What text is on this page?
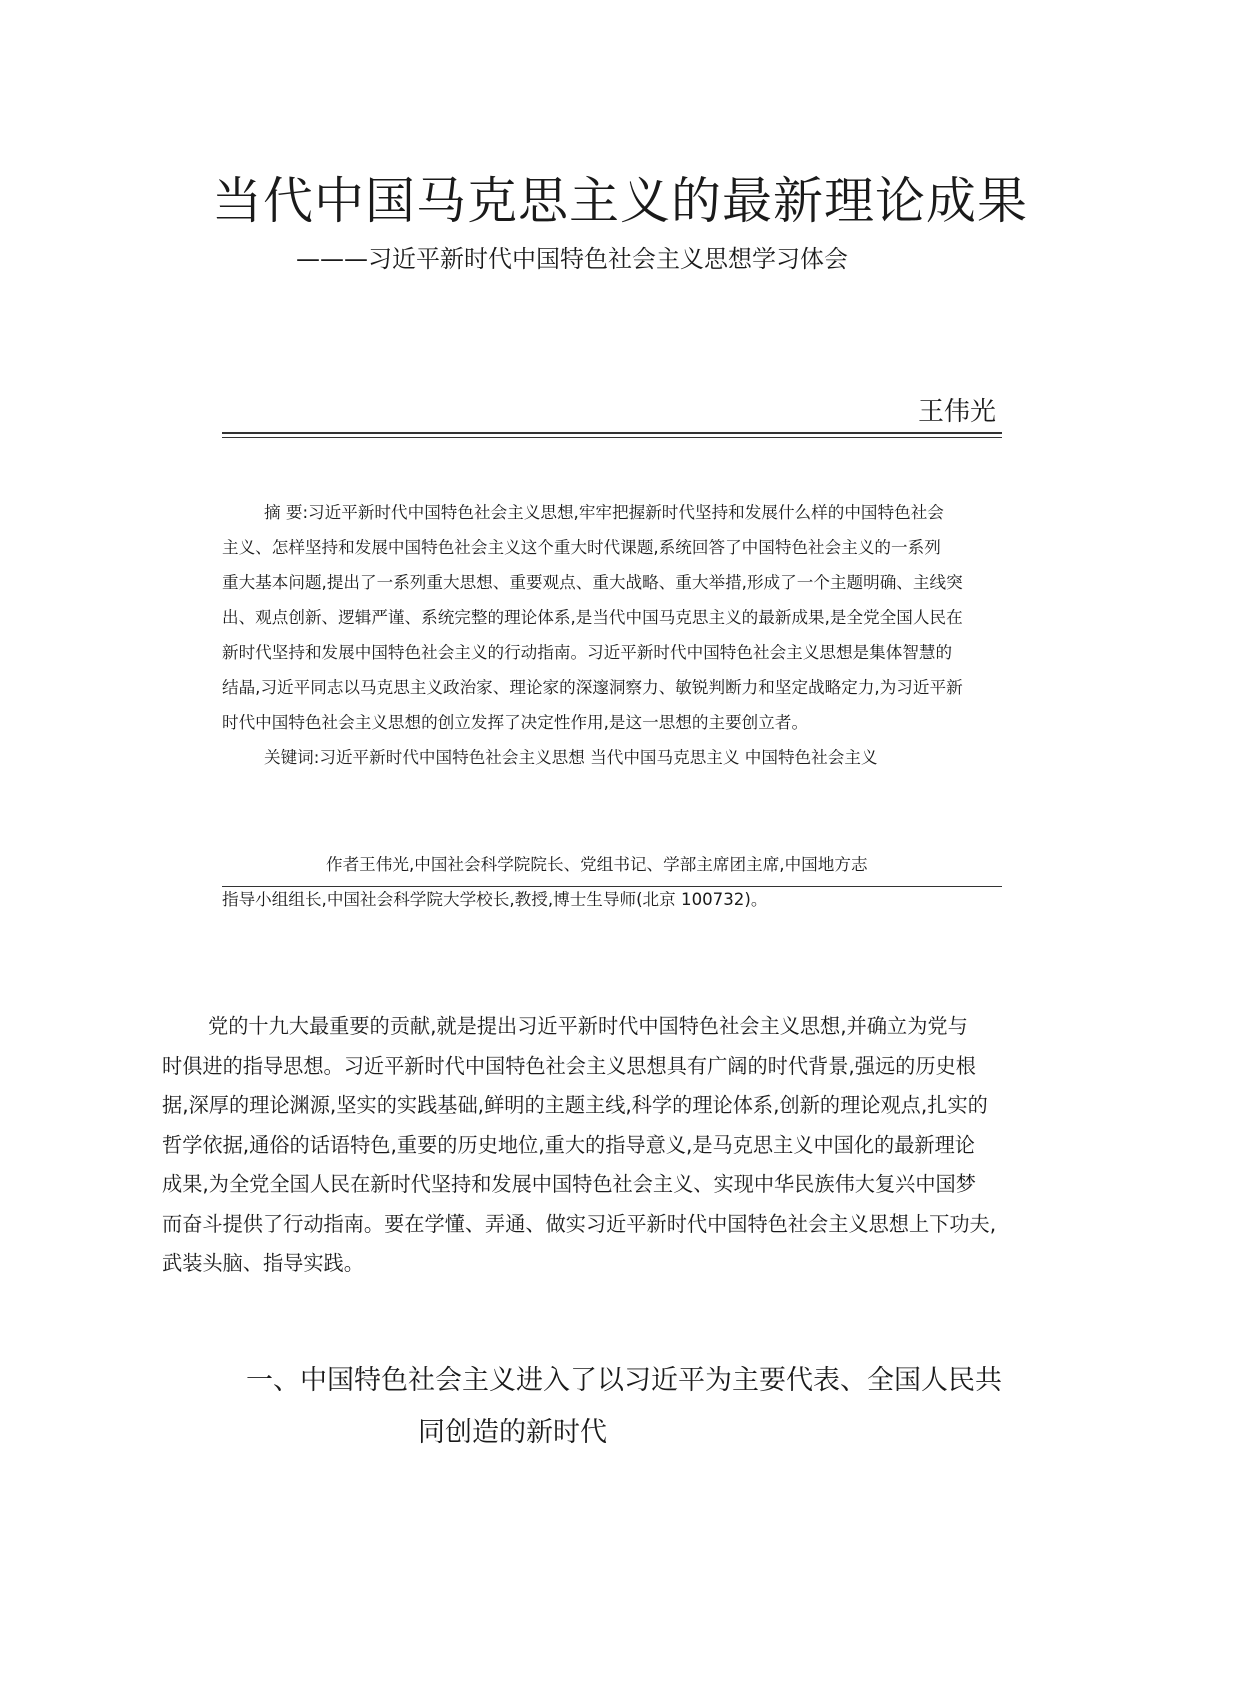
当代中国马克思主义的最新理论成果
———习近平新时代中国特色社会主义思想学习体会
王伟光
摘 要:习近平新时代中国特色社会主义思想,牢牢把握新时代坚持和发展什么样的中国特色社会
主义、怎样坚持和发展中国特色社会主义这个重大时代课题,系统回答了中国特色社会主义的一系列
重大基本问题,提出了一系列重大思想、重要观点、重大战略、重大举措,形成了一个主题明确、主线突
出、观点创新、逻辑严谨、系统完整的理论体系,是当代中国马克思主义的最新成果,是全党全国人民在
新时代坚持和发展中国特色社会主义的行动指南。习近平新时代中国特色社会主义思想是集体智慧的
结晶,习近平同志以马克思主义政治家、理论家的深邃洞察力、敏锐判断力和坚定战略定力,为习近平新
时代中国特色社会主义思想的创立发挥了决定性作用,是这一思想的主要创立者。
关键词:习近平新时代中国特色社会主义思想 当代中国马克思主义 中国特色社会主义
作者王伟光,中国社会科学院院长、党组书记、学部主席团主席,中国地方志
指导小组组长,中国社会科学院大学校长,教授,博士生导师(北京 100732)。
党的十九大最重要的贡献,就是提出习近平新时代中国特色社会主义思想,并确立为党与
时俱进的指导思想。习近平新时代中国特色社会主义思想具有广阔的时代背景,强远的历史根
据,深厚的理论渊源,坚实的实践基础,鲜明的主题主线,科学的理论体系,创新的理论观点,扎实的
哲学依据,通俗的话语特色,重要的历史地位,重大的指导意义,是马克思主义中国化的最新理论
成果,为全党全国人民在新时代坚持和发展中国特色社会主义、实现中华民族伟大复兴中国梦
而奋斗提供了行动指南。要在学懂、弄通、做实习近平新时代中国特色社会主义思想上下功夫,
武装头脑、指导实践。
一、中国特色社会主义进入了以习近平为主要代表、全国人民共
同创造的新时代
